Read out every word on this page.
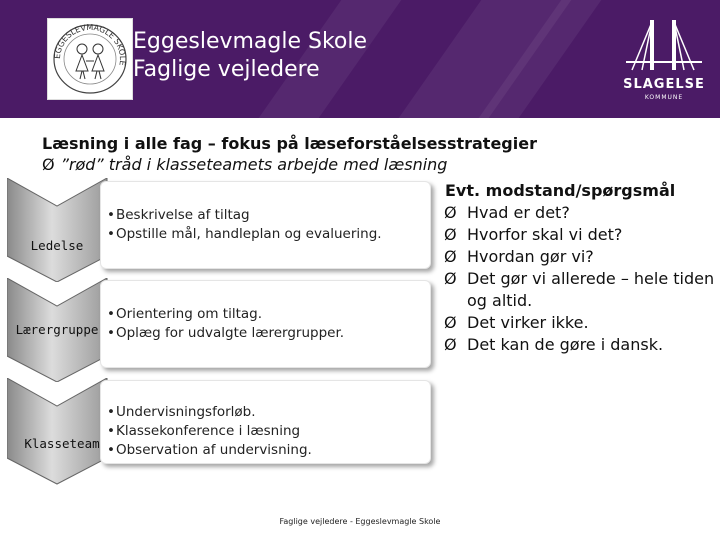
EGGESLEVMAGLE SKOLE
Eggeslevmagle Skole
Faglige vejledere
SLAGELSE
KOMMUNE
Læsning i alle fag – fokus på læseforståelsesstrategier
Ø ”rød” tråd i klasseteamets arbejde med læsning
Ledelse
Lærergruppe
Klasseteam
• Beskrivelse af tiltag
• Opstille mål, handleplan og evaluering.
• Orientering om tiltag.
• Oplæg for udvalgte lærergrupper.
• Undervisningsforløb.
• Klassekonference i læsning
• Observation af undervisning.
Evt. modstand/spørgsmål
Ø Hvad er det?
Ø Hvorfor skal vi det?
Ø Hvordan gør vi?
Ø Det gør vi allerede – hele tiden og altid.
Ø Det virker ikke.
Ø Det kan de gøre i dansk.
Faglige vejledere - Eggeslevmagle Skole
